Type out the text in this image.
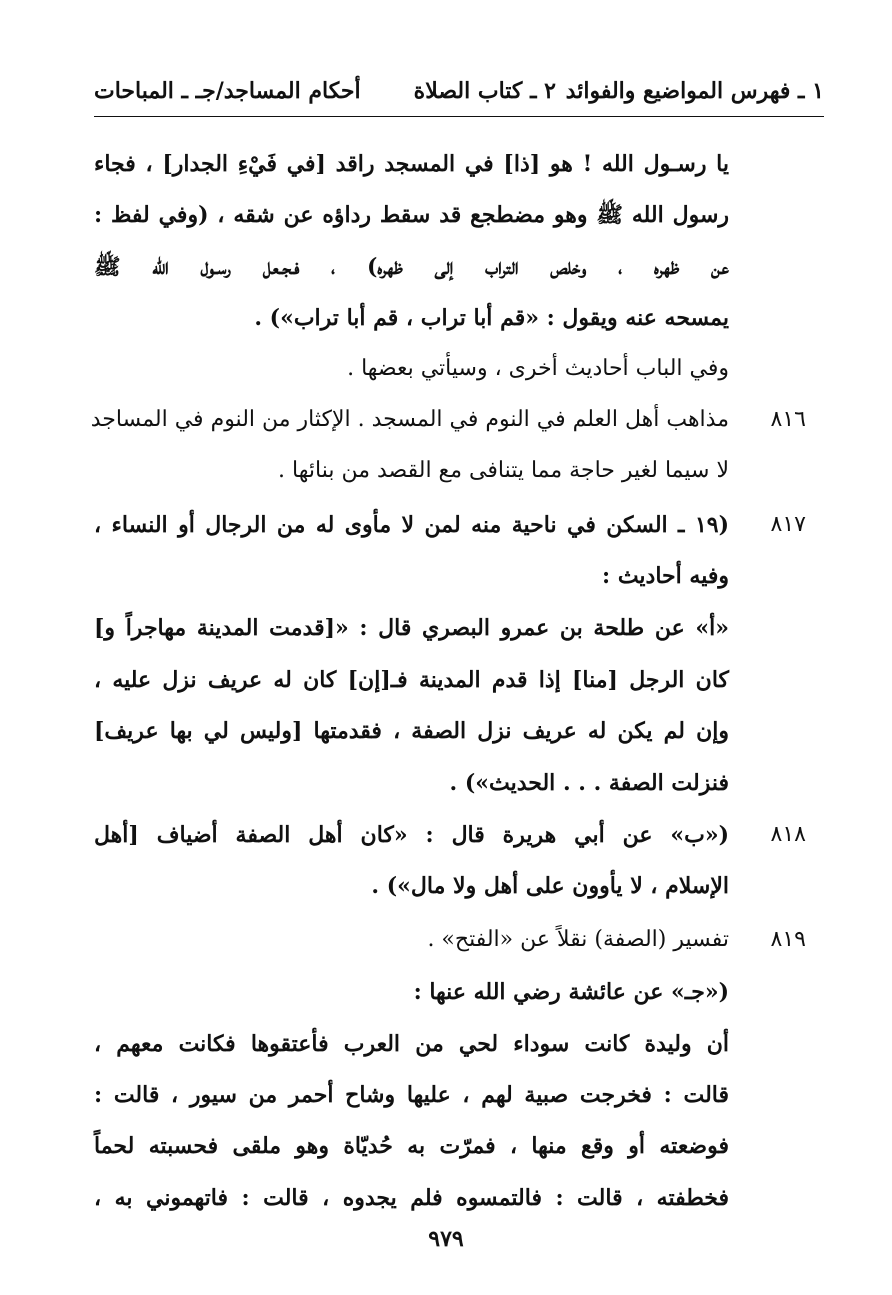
١ ـ فهرس المواضيع والفوائد
٢ ـ كتاب الصلاة
أحكام المساجد/جـ ـ المباحات
يا رسـول الله ! هو [ذا] في المسجد راقد [في فَيْءِ الجدار] ، فجاء
رسول الله ﷺ وهو مضطجع قد سقط رداؤه عن شقه ، (وفي لفظ :
عن ظهره ، وخلص التراب إلى ظهره) ، فـجـعل رسـول الله ﷺ
يمسحه عنه ويقول : «قم أبا تراب ، قم أبا تراب») .
وفي الباب أحاديث أخرى ، وسيأتي بعضها .
٨١٦
مذاهب أهل العلم في النوم في المسجد . الإكثار من النوم في المساجد
لا سيما لغير حاجة مما يتنافى مع القصد من بنائها .
٨١٧
(١٩ ـ السكن في ناحية منه لمن لا مأوى له من الرجال أو النساء ،
وفيه أحاديث :
«أ» عن طلحة بن عمرو البصري قال : «[قدمت المدينة مهاجراً و]
كان الرجل [منا] إذا قدم المدينة فـ[إن] كان له عريف نزل عليه ،
وإن لم يكن له عريف نزل الصفة ، فقدمتها [وليس لي بها عريف]
فنزلت الصفة . . . الحديث») .
٨١٨
(«ب» عن أبي هريرة قال : «كان أهل الصفة أضياف [أهل
الإسلام ، لا يأوون على أهل ولا مال») .
٨١٩
تفسير (الصفة) نقلاً عن «الفتح» .
(«جـ» عن عائشة رضي الله عنها :
أن وليدة كانت سوداء لحي من العرب فأعتقوها فكانت معهم ،
قالت : فخرجت صبية لهم ، عليها وشاح أحمر من سيور ، قالت :
فوضعته أو وقع منها ، فمرّت به حُديّاة وهو ملقى فحسبته لحماً
فخطفته ، قالت : فالتمسوه فلم يجدوه ، قالت : فاتهموني به ،
٩٧٩
